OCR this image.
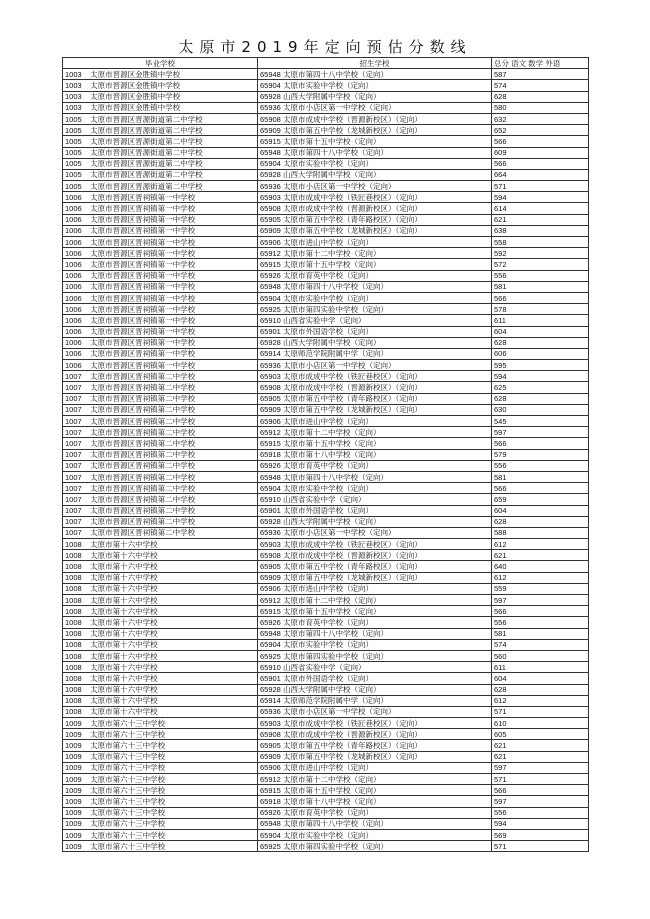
太原市2019年定向预估分数线
毕业学校	招生学校	总分 语文 数学 外语
1003 太原市晋源区金胜镇中学校	65948 太原市第四十八中学校（定向）	587
1003 太原市晋源区金胜镇中学校	65904 太原市实验中学校（定向）	574
1003 太原市晋源区金胜镇中学校	65928 山西大学附属中学校（定向）	628
1003 太原市晋源区金胜镇中学校	65936 太原市小店区第一中学校（定向）	580
1005 太原市晋源区晋源街道第二中学校	65908 太原市成成中学校（晋源新校区）（定向）	632
1005 太原市晋源区晋源街道第二中学校	65909 太原市第五中学校（龙城新校区）（定向）	652
1005 太原市晋源区晋源街道第二中学校	65915 太原市第十五中学校（定向）	566
1005 太原市晋源区晋源街道第二中学校	65948 太原市第四十八中学校（定向）	609
1005 太原市晋源区晋源街道第二中学校	65904 太原市实验中学校（定向）	566
1005 太原市晋源区晋源街道第二中学校	65928 山西大学附属中学校（定向）	664
1005 太原市晋源区晋源街道第二中学校	65936 太原市小店区第一中学校（定向）	571
1006 太原市晋源区晋祠镇第一中学校	65903 太原市成成中学校（铁匠巷校区）（定向）	594
1006 太原市晋源区晋祠镇第一中学校	65908 太原市成成中学校（晋源新校区）（定向）	614
1006 太原市晋源区晋祠镇第一中学校	65905 太原市第五中学校（青年路校区）（定向）	621
1006 太原市晋源区晋祠镇第一中学校	65909 太原市第五中学校（龙城新校区）（定向）	638
1006 太原市晋源区晋祠镇第一中学校	65906 太原市进山中学校（定向）	558
1006 太原市晋源区晋祠镇第一中学校	65912 太原市第十二中学校（定向）	592
1006 太原市晋源区晋祠镇第一中学校	65915 太原市第十五中学校（定向）	572
1006 太原市晋源区晋祠镇第一中学校	65926 太原市育英中学校（定向）	556
1006 太原市晋源区晋祠镇第一中学校	65948 太原市第四十八中学校（定向）	581
1006 太原市晋源区晋祠镇第一中学校	65904 太原市实验中学校（定向）	566
1006 太原市晋源区晋祠镇第一中学校	65925 太原市第四实验中学校（定向）	578
1006 太原市晋源区晋祠镇第一中学校	65910 山西省实验中学（定向）	611
1006 太原市晋源区晋祠镇第一中学校	65901 太原市外国语学校（定向）	604
1006 太原市晋源区晋祠镇第一中学校	65928 山西大学附属中学校（定向）	628
1006 太原市晋源区晋祠镇第一中学校	65914 太原师范学院附属中学（定向）	606
1006 太原市晋源区晋祠镇第一中学校	65936 太原市小店区第一中学校（定向）	595
1007 太原市晋源区晋祠镇第二中学校	65903 太原市成成中学校（铁匠巷校区）（定向）	594
1007 太原市晋源区晋祠镇第二中学校	65908 太原市成成中学校（晋源新校区）（定向）	625
1007 太原市晋源区晋祠镇第二中学校	65905 太原市第五中学校（青年路校区）（定向）	628
1007 太原市晋源区晋祠镇第二中学校	65909 太原市第五中学校（龙城新校区）（定向）	630
1007 太原市晋源区晋祠镇第二中学校	65906 太原市进山中学校（定向）	545
1007 太原市晋源区晋祠镇第二中学校	65912 太原市第十二中学校（定向）	597
1007 太原市晋源区晋祠镇第二中学校	65915 太原市第十五中学校（定向）	566
1007 太原市晋源区晋祠镇第二中学校	65918 太原市第十八中学校（定向）	579
1007 太原市晋源区晋祠镇第二中学校	65926 太原市育英中学校（定向）	556
1007 太原市晋源区晋祠镇第二中学校	65948 太原市第四十八中学校（定向）	581
1007 太原市晋源区晋祠镇第二中学校	65904 太原市实验中学校（定向）	566
1007 太原市晋源区晋祠镇第二中学校	65910 山西省实验中学（定向）	659
1007 太原市晋源区晋祠镇第二中学校	65901 太原市外国语学校（定向）	604
1007 太原市晋源区晋祠镇第二中学校	65928 山西大学附属中学校（定向）	628
1007 太原市晋源区晋祠镇第二中学校	65936 太原市小店区第一中学校（定向）	588
1008 太原市第十六中学校	65903 太原市成成中学校（铁匠巷校区）（定向）	612
1008 太原市第十六中学校	65908 太原市成成中学校（晋源新校区）（定向）	621
1008 太原市第十六中学校	65905 太原市第五中学校（青年路校区）（定向）	640
1008 太原市第十六中学校	65909 太原市第五中学校（龙城新校区）（定向）	612
1008 太原市第十六中学校	65906 太原市进山中学校（定向）	559
1008 太原市第十六中学校	65912 太原市第十二中学校（定向）	597
1008 太原市第十六中学校	65915 太原市第十五中学校（定向）	566
1008 太原市第十六中学校	65926 太原市育英中学校（定向）	556
1008 太原市第十六中学校	65948 太原市第四十八中学校（定向）	581
1008 太原市第十六中学校	65904 太原市实验中学校（定向）	574
1008 太原市第十六中学校	65925 太原市第四实验中学校（定向）	560
1008 太原市第十六中学校	65910 山西省实验中学（定向）	611
1008 太原市第十六中学校	65901 太原市外国语学校（定向）	604
1008 太原市第十六中学校	65928 山西大学附属中学校（定向）	628
1008 太原市第十六中学校	65914 太原师范学院附属中学（定向）	612
1008 太原市第十六中学校	65936 太原市小店区第一中学校（定向）	571
1009 太原市第六十三中学校	65903 太原市成成中学校（铁匠巷校区）（定向）	610
1009 太原市第六十三中学校	65908 太原市成成中学校（晋源新校区）（定向）	605
1009 太原市第六十三中学校	65905 太原市第五中学校（青年路校区）（定向）	621
1009 太原市第六十三中学校	65909 太原市第五中学校（龙城新校区）（定向）	621
1009 太原市第六十三中学校	65906 太原市进山中学校（定向）	597
1009 太原市第六十三中学校	65912 太原市第十二中学校（定向）	571
1009 太原市第六十三中学校	65915 太原市第十五中学校（定向）	566
1009 太原市第六十三中学校	65918 太原市第十八中学校（定向）	597
1009 太原市第六十三中学校	65926 太原市育英中学校（定向）	556
1009 太原市第六十三中学校	65948 太原市第四十八中学校（定向）	594
1009 太原市第六十三中学校	65904 太原市实验中学校（定向）	569
1009 太原市第六十三中学校	65925 太原市第四实验中学校（定向）	571
